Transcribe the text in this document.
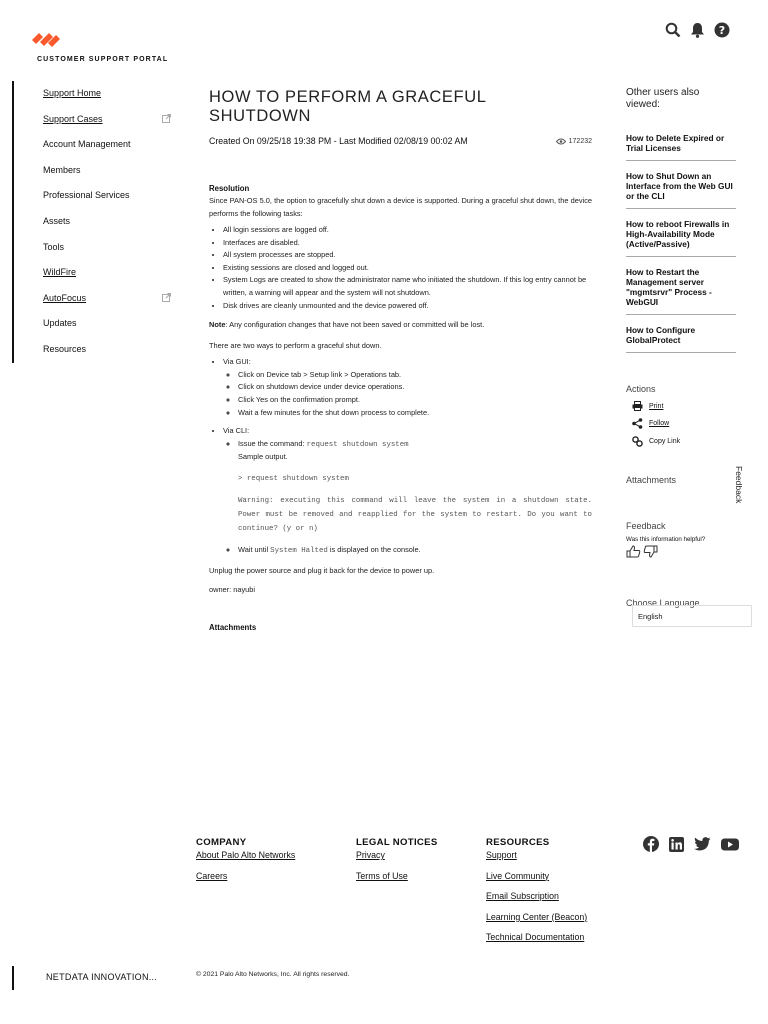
CUSTOMER SUPPORT PORTAL
?
Support Home
Support Cases
Account Management
Members
Professional Services
Assets
Tools
WildFire
AutoFocus
Updates
Resources
HOW TO PERFORM A GRACEFUL SHUTDOWN
Created On 09/25/18 19:38 PM - Last Modified 02/08/19 00:02 AM	172232
Resolution

Since PAN-OS 5.0, the option to gracefully shut down a device is supported. During a graceful shut down, the device performs the following tasks:

• All login sessions are logged off.
• Interfaces are disabled.
• All system processes are stopped.
• Existing sessions are closed and logged out.
• System Logs are created to show the administrator name who initiated the shutdown. If this log entry cannot be written, a warning will appear and the system will not shutdown.
• Disk drives are cleanly unmounted and the device powered off.

Note: Any configuration changes that have not been saved or committed will be lost.

There are two ways to perform a graceful shut down.

• Via GUI:
◦ Click on Device tab > Setup link > Operations tab.
◦ Click on shutdown device under device operations.
◦ Click Yes on the confirmation prompt.
◦ Wait a few minutes for the shut down process to complete.
• Via CLI:
◦ Issue the command: request shutdown system
Sample output.
> request shutdown system
Warning: executing this command will leave the system in a shutdown state. Power must be removed and reapplied for the system to restart. Do you want to continue? (y or n)
◦ Wait until System Halted is displayed on the console.

Unplug the power source and plug it back for the device to power up.

owner: nayubi

Attachments
Other users also viewed:
How to Delete Expired or Trial Licenses
How to Shut Down an Interface from the Web GUI or the CLI
How to reboot Firewalls in High-Availability Mode (Active/Passive)
How to Restart the Management server "mgmtsrvr" Process - WebGUI
How to Configure GlobalProtect
Actions
Print
Follow
Copy Link
Attachments
Feedback
Was this information helpful?
Choose Language
English
Feedback
COMPANY
About Palo Alto Networks
Careers
LEGAL NOTICES
Privacy
Terms of Use
RESOURCES
Support
Live Community
Email Subscription
Learning Center (Beacon)
Technical Documentation
© 2021 Palo Alto Networks, Inc. All rights reserved.
NETDATA INNOVATION...
